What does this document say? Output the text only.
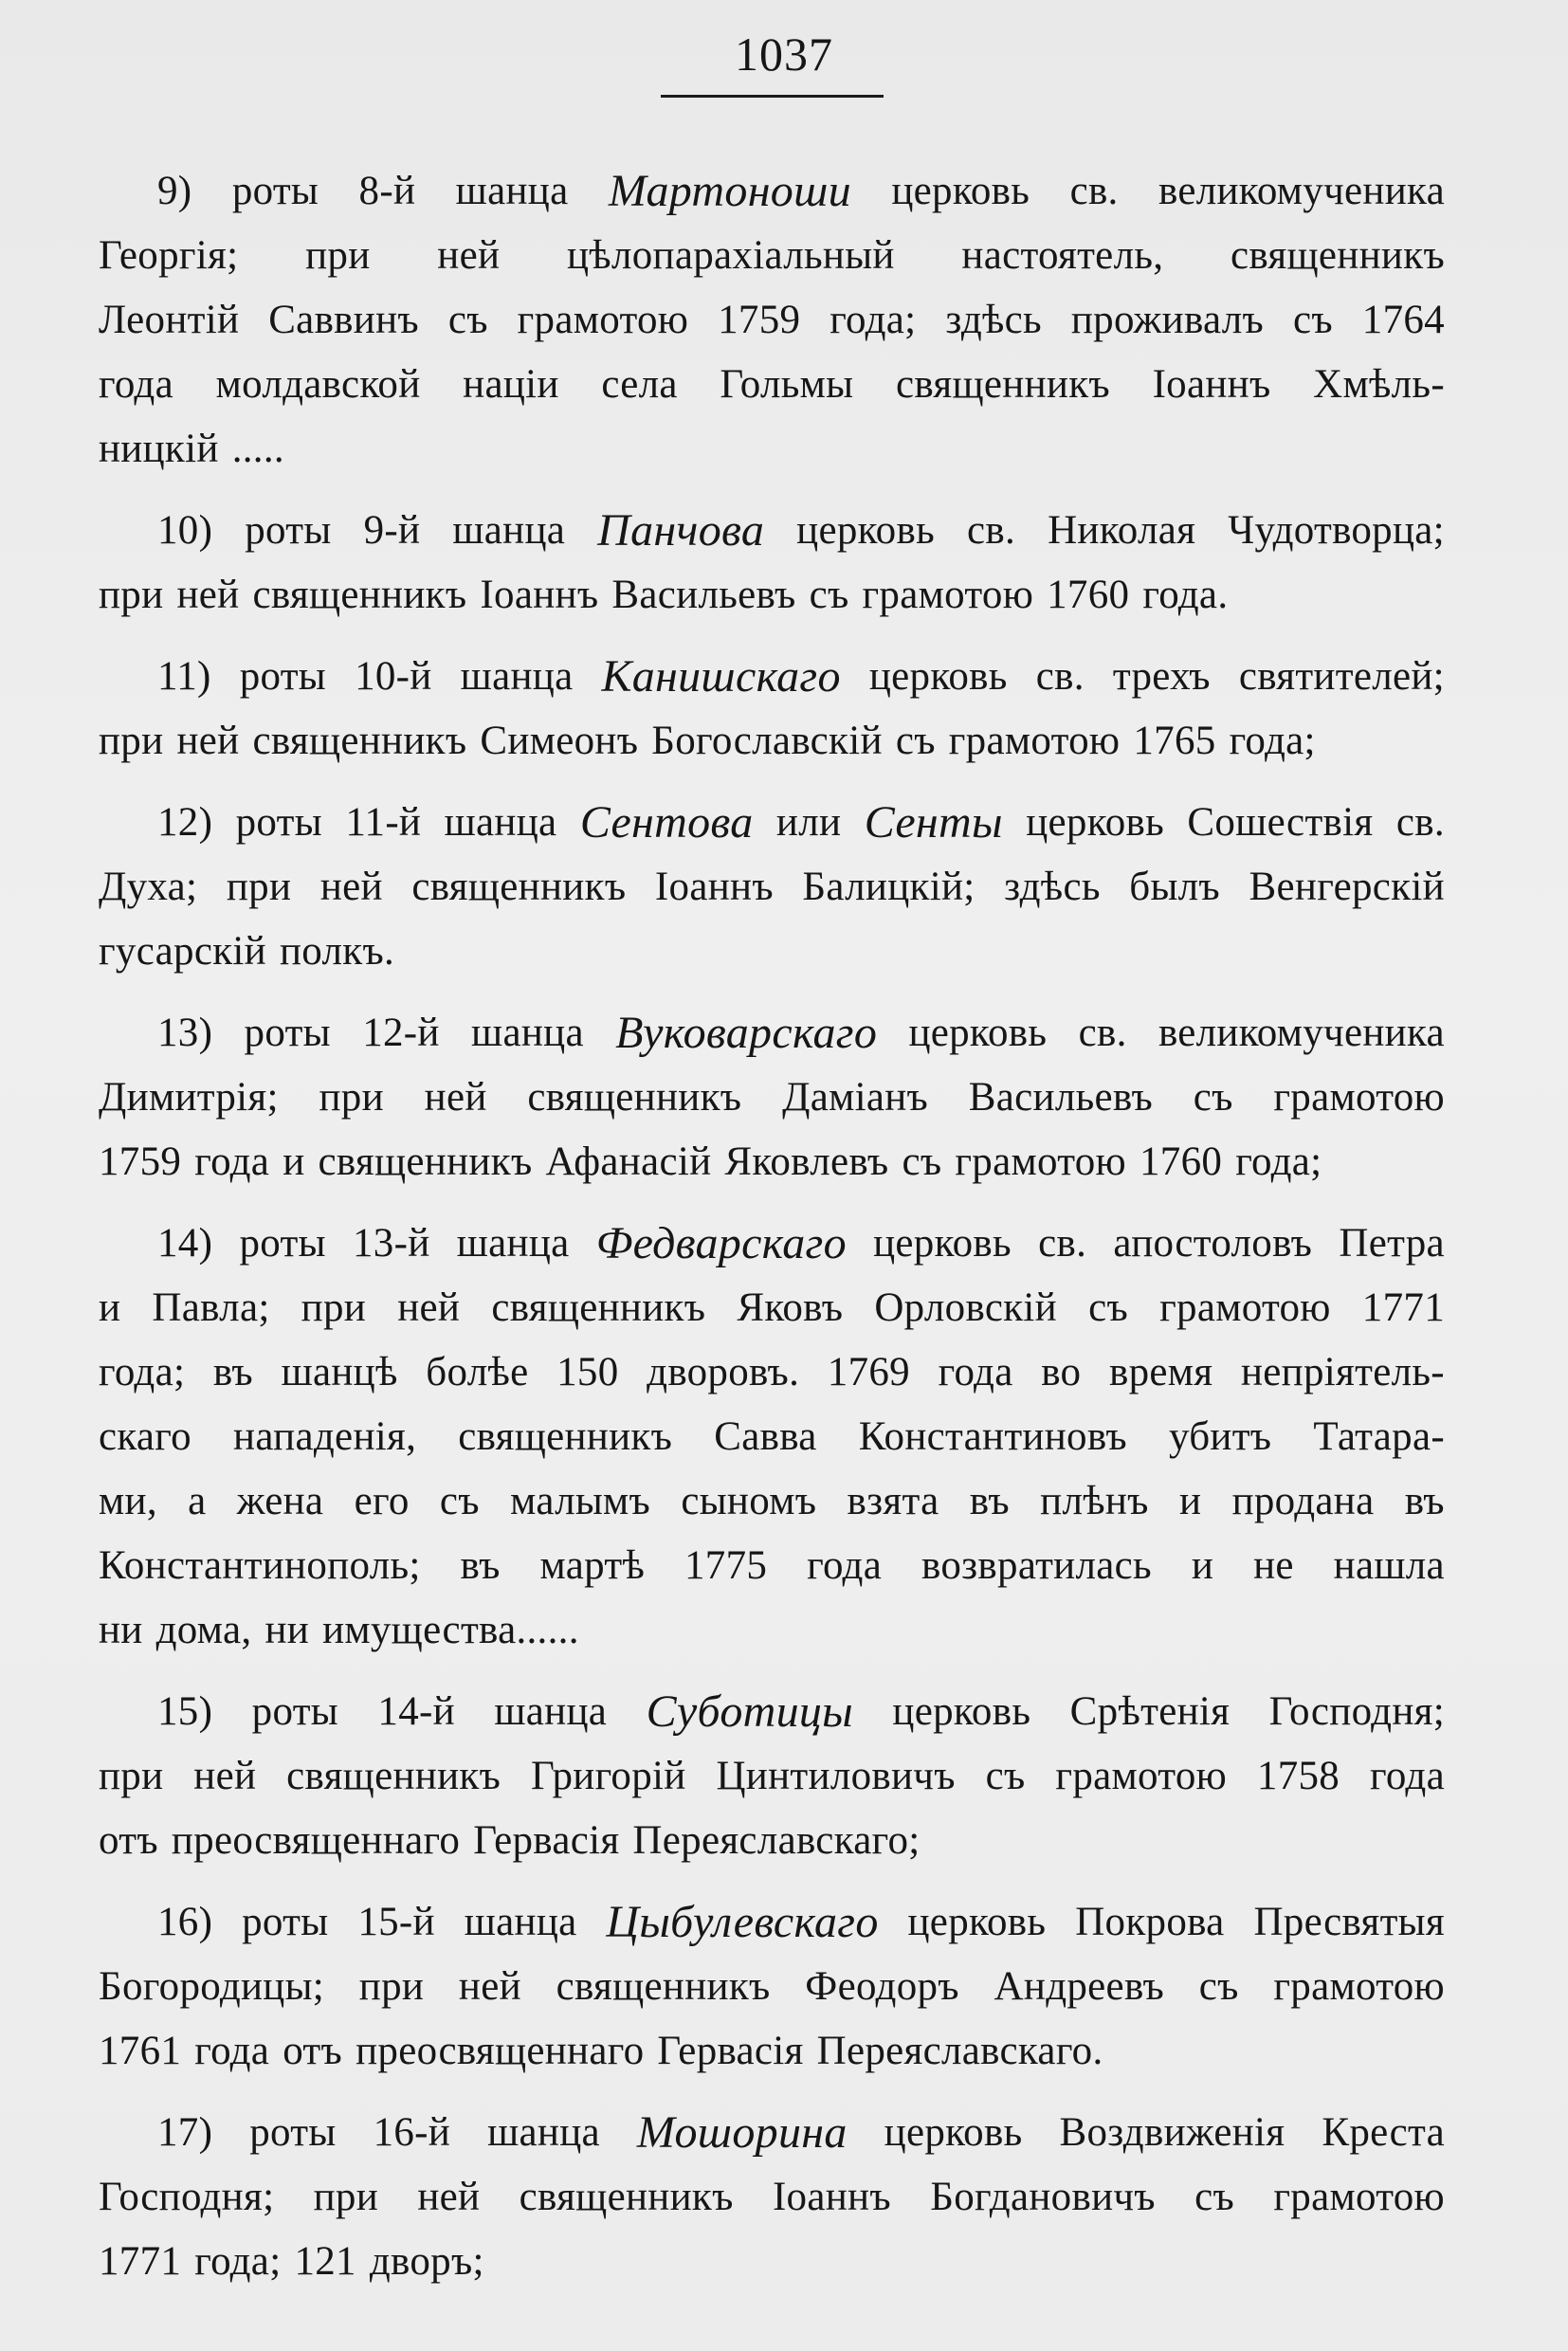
1037
9) роты 8-й шанца Мартоноши церковь св. великомученика
Георгія; при ней цѣлопарахіальный настоятель, священникъ
Леонтій Саввинъ съ грамотою 1759 года; здѣсь проживалъ съ 1764
года молдавской націи села Гольмы священникъ Іоаннъ Хмѣль-
ницкій .....
10) роты 9-й шанца Панчова церковь св. Николая Чудотворца;
при ней священникъ Іоаннъ Васильевъ съ грамотою 1760 года.
11) роты 10-й шанца Канишскаго церковь св. трехъ святителей;
при ней священникъ Симеонъ Богославскій съ грамотою 1765 года;
12) роты 11-й шанца Сентова или Сенты церковь Сошествія св.
Духа; при ней священникъ Іоаннъ Балицкій; здѣсь былъ Венгерскій
гусарскій полкъ.
13) роты 12-й шанца Вуковарскаго церковь св. великомученика
Димитрія; при ней священникъ Даміанъ Васильевъ съ грамотою
1759 года и священникъ Афанасій Яковлевъ съ грамотою 1760 года;
14) роты 13-й шанца Федварскаго церковь св. апостоловъ Петра
и Павла; при ней священникъ Яковъ Орловскій съ грамотою 1771
года; въ шанцѣ болѣе 150 дворовъ. 1769 года во время непріятель-
скаго нападенія, священникъ Савва Константиновъ убитъ Татара-
ми, а жена его съ малымъ сыномъ взята въ плѣнъ и продана въ
Константинополь; въ мартѣ 1775 года возвратилась и не нашла
ни дома, ни имущества......
15) роты 14-й шанца Суботицы церковь Срѣтенія Господня;
при ней священникъ Григорій Цинтиловичъ съ грамотою 1758 года
отъ преосвященнаго Гервасія Переяславскаго;
16) роты 15-й шанца Цыбулевскаго церковь Покрова Пресвятыя
Богородицы; при ней священникъ Феодоръ Андреевъ съ грамотою
1761 года отъ преосвященнаго Гервасія Переяславскаго.
17) роты 16-й шанца Мошорина церковь Воздвиженія Креста
Господня; при ней священникъ Іоаннъ Богдановичъ съ грамотою
1771 года; 121 дворъ;
